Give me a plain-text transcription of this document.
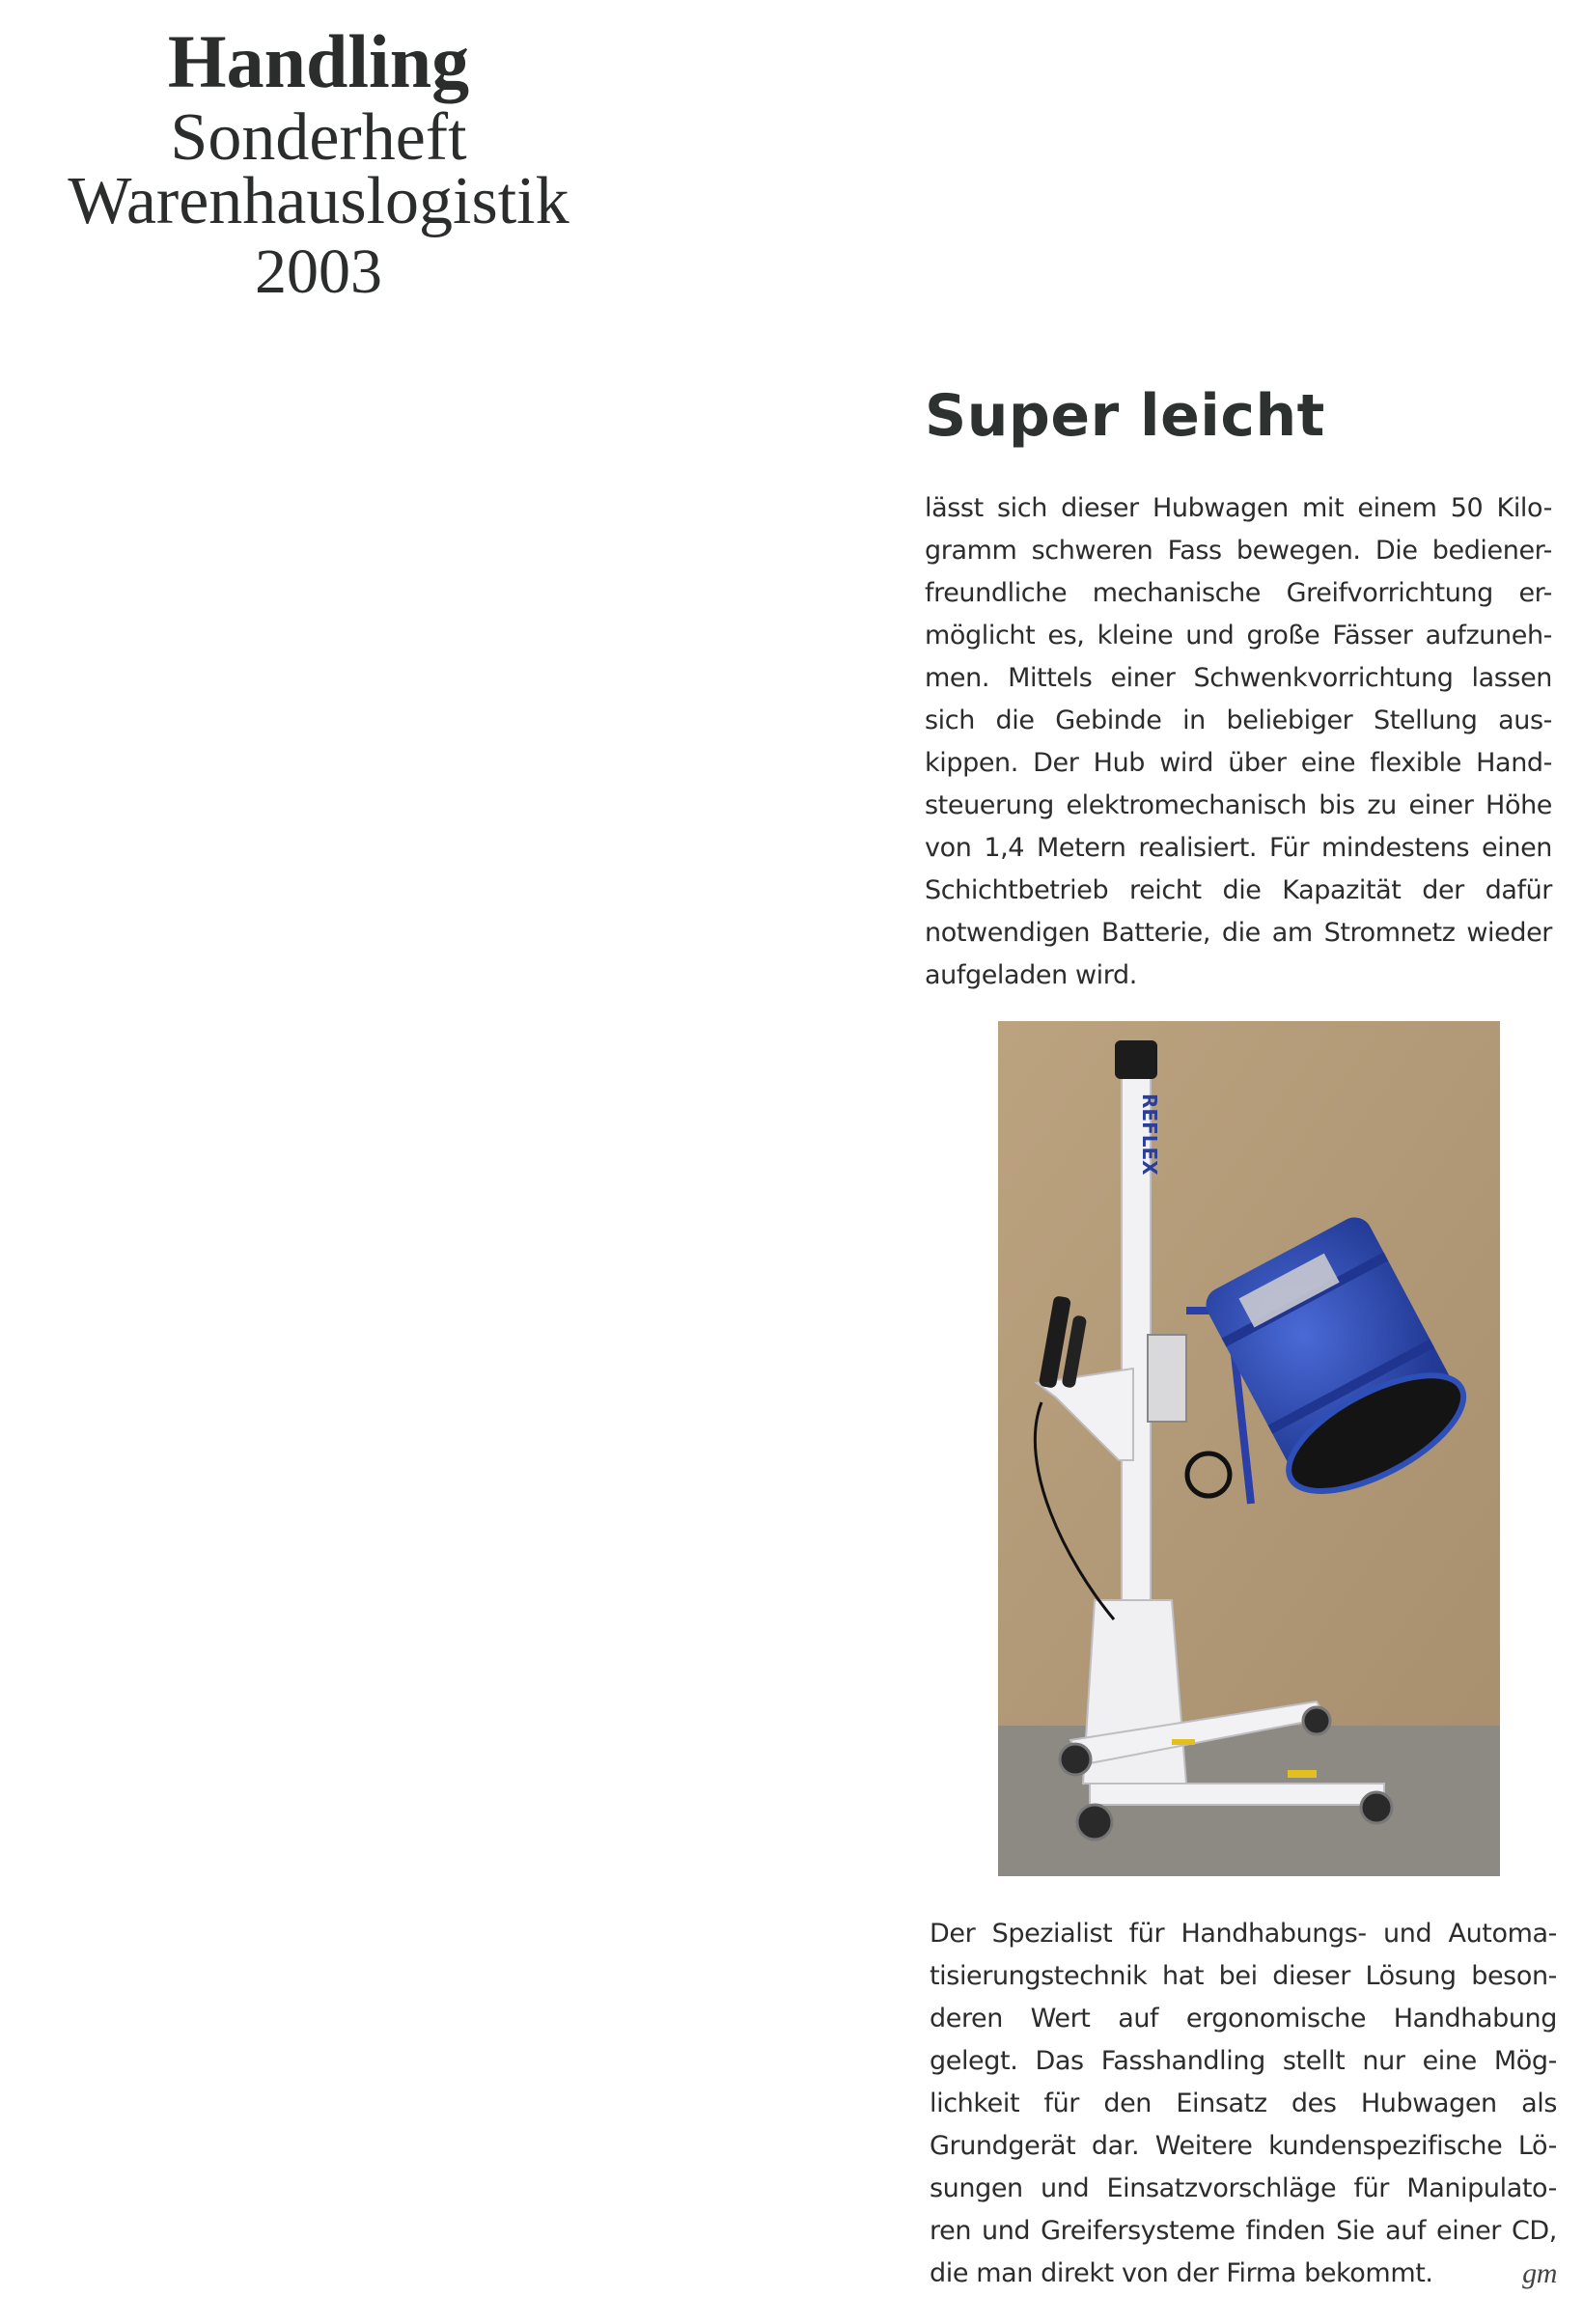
Handling
Sonderheft
Warenhauslogistik
2003
Super leicht

lässt sich dieser Hubwagen mit einem 50 Kilo-gramm schweren Fass bewegen. Die bediener-freundliche mechanische Greifvorrichtung er-möglicht es, kleine und große Fässer aufzuneh-men. Mittels einer Schwenkvorrichtung lassen sich die Gebinde in beliebiger Stellung aus-kippen. Der Hub wird über eine flexible Hand-steuerung elektromechanisch bis zu einer Höhe von 1,4 Metern realisiert. Für mindestens einen Schichtbetrieb reicht die Kapazität der dafür notwendigen Batterie, die am Stromnetz wieder aufgeladen wird.

REFLEX

Der Spezialist für Handhabungs- und Automa-tisierungstechnik hat bei dieser Lösung beson-deren Wert auf ergonomische Handhabung gelegt. Das Fasshandling stellt nur eine Mög-lichkeit für den Einsatz des Hubwagen als Grundgerät dar. Weitere kundenspezifische Lö-sungen und Einsatzvorschläge für Manipulato-ren und Greifersysteme finden Sie auf einer CD, die man direkt von der Firma bekommt.	gm
